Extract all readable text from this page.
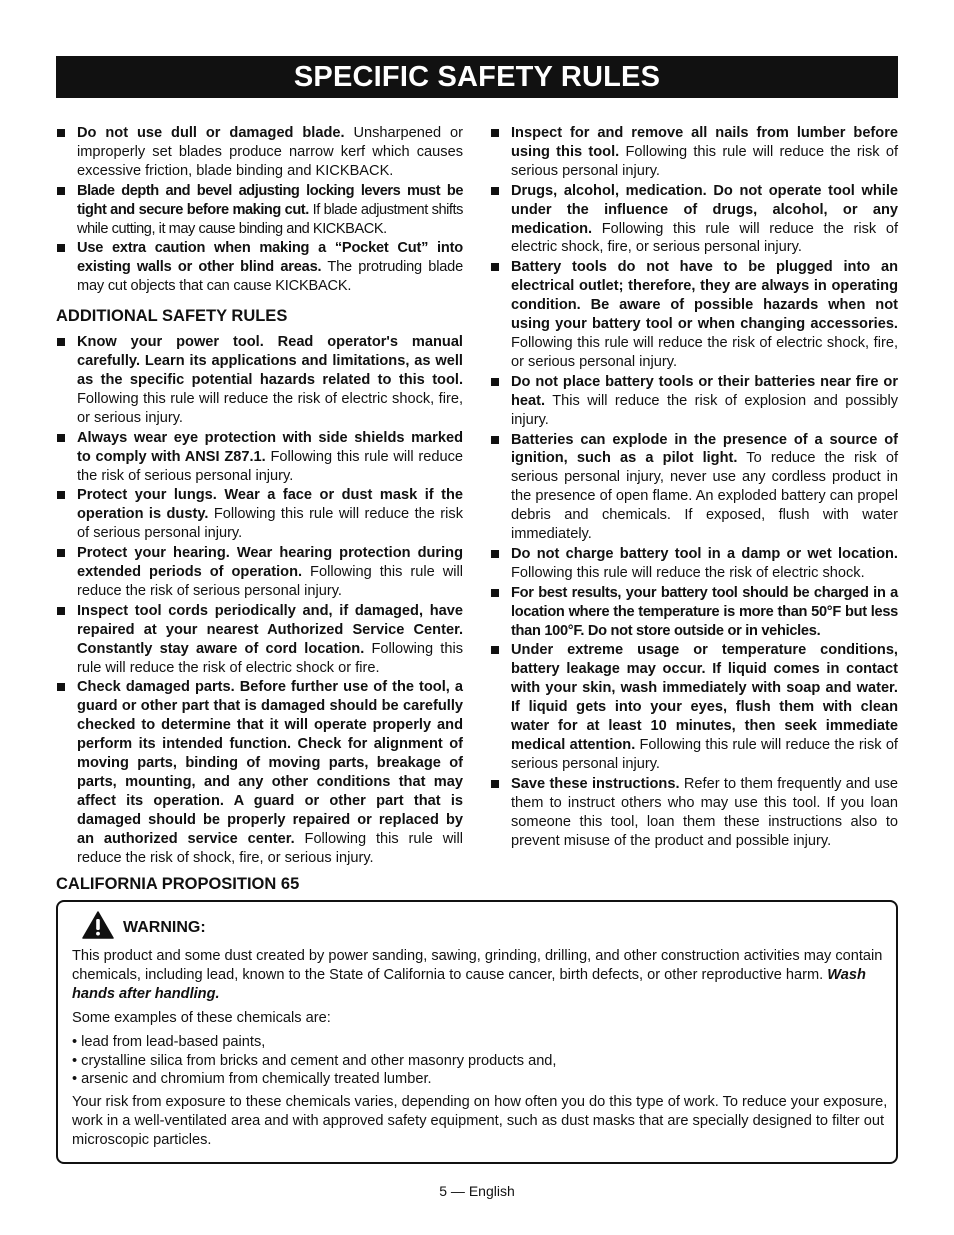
SPECIFIC SAFETY RULES
Do not use dull or damaged blade. Unsharpened or improperly set blades produce narrow kerf which causes excessive friction, blade binding and KICKBACK.
Blade depth and bevel adjusting locking levers must be tight and secure before making cut. If blade adjustment shifts while cutting, it may cause binding and KICKBACK.
Use extra caution when making a “Pocket Cut” into existing walls or other blind areas. The protruding blade may cut objects that can cause KICKBACK.
ADDITIONAL SAFETY RULES
Know your power tool. Read operator's manual carefully. Learn its applications and limitations, as well as the specific potential hazards related to this tool. Following this rule will reduce the risk of electric shock, fire, or serious injury.
Always wear eye protection with side shields marked to comply with ANSI Z87.1. Following this rule will reduce the risk of serious personal injury.
Protect your lungs. Wear a face or dust mask if the operation is dusty. Following this rule will reduce the risk of serious personal injury.
Protect your hearing. Wear hearing protection during extended periods of operation. Following this rule will reduce the risk of serious personal injury.
Inspect tool cords periodically and, if damaged, have repaired at your nearest Authorized Service Center. Constantly stay aware of cord location. Following this rule will reduce the risk of electric shock or fire.
Check damaged parts. Before further use of the tool, a guard or other part that is damaged should be carefully checked to determine that it will operate properly and perform its intended function. Check for alignment of moving parts, binding of moving parts, breakage of parts, mounting, and any other conditions that may affect its operation. A guard or other part that is damaged should be properly repaired or replaced by an authorized service center. Following this rule will reduce the risk of shock, fire, or serious injury.
Inspect for and remove all nails from lumber before using this tool. Following this rule will reduce the risk of serious personal injury.
Drugs, alcohol, medication. Do not operate tool while under the influence of drugs, alcohol, or any medication. Following this rule will reduce the risk of electric shock, fire, or serious personal injury.
Battery tools do not have to be plugged into an electrical outlet; therefore, they are always in operating condition. Be aware of possible hazards when not using your battery tool or when changing accessories. Following this rule will reduce the risk of electric shock, fire, or serious personal injury.
Do not place battery tools or their batteries near fire or heat. This will reduce the risk of explosion and possibly injury.
Batteries can explode in the presence of a source of ignition, such as a pilot light. To reduce the risk of serious personal injury, never use any cordless product in the presence of open flame. An exploded battery can propel debris and chemicals. If exposed, flush with water immediately.
Do not charge battery tool in a damp or wet location. Following this rule will reduce the risk of electric shock.
For best results, your battery tool should be charged in a location where the temperature is more than 50°F but less than 100°F. Do not store outside or in vehicles.
Under extreme usage or temperature conditions, battery leakage may occur. If liquid comes in contact with your skin, wash immediately with soap and water. If liquid gets into your eyes, flush them with clean water for at least 10 minutes, then seek immediate medical attention. Following this rule will reduce the risk of serious personal injury.
Save these instructions. Refer to them frequently and use them to instruct others who may use this tool. If you loan someone this tool, loan them these instructions also to prevent misuse of the product and possible injury.
CALIFORNIA PROPOSITION 65
WARNING:

This product and some dust created by power sanding, sawing, grinding, drilling, and other construction activities may contain chemicals, including lead, known to the State of California to cause cancer, birth defects, or other reproductive harm. Wash hands after handling.

Some examples of these chemicals are:

• lead from lead-based paints,

• crystalline silica from bricks and cement and other masonry products and,

• arsenic and chromium from chemically treated lumber.

Your risk from exposure to these chemicals varies, depending on how often you do this type of work. To reduce your exposure, work in a well-ventilated area and with approved safety equipment, such as dust masks that are specially designed to filter out microscopic particles.

5 — English
